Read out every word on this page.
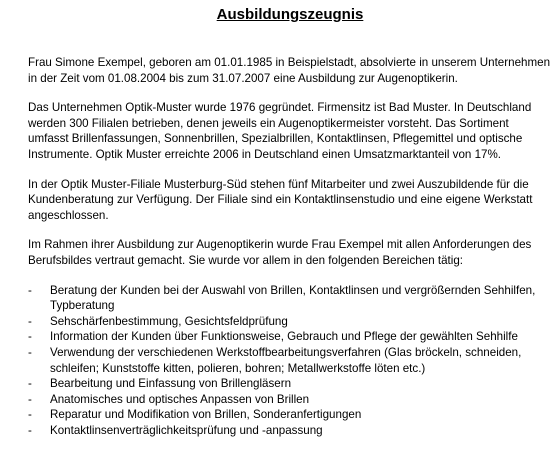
Ausbildungszeugnis

Frau Simone Exempel, geboren am 01.01.1985 in Beispielstadt, absolvierte in unserem Unternehmen in der Zeit vom 01.08.2004 bis zum 31.07.2007 eine Ausbildung zur Augenoptikerin.

Das Unternehmen Optik-Muster wurde 1976 gegründet. Firmensitz ist Bad Muster. In Deutschland werden 300 Filialen betrieben, denen jeweils ein Augenoptikermeister vorsteht. Das Sortiment umfasst Brillenfassungen, Sonnenbrillen, Spezialbrillen, Kontaktlinsen, Pflegemittel und optische Instrumente. Optik Muster erreichte 2006 in Deutschland einen Umsatzmarktanteil von 17%.

In der Optik Muster-Filiale Musterburg-Süd stehen fünf Mitarbeiter und zwei Auszubildende für die Kundenberatung zur Verfügung. Der Filiale sind ein Kontaktlinsenstudio und eine eigene Werkstatt angeschlossen.

Im Rahmen ihrer Ausbildung zur Augenoptikerin wurde Frau Exempel mit allen Anforderungen des Berufsbildes vertraut gemacht. Sie wurde vor allem in den folgenden Bereichen tätig:

- Beratung der Kunden bei der Auswahl von Brillen, Kontaktlinsen und vergrößernden Sehhilfen, Typberatung
- Sehschärfenbestimmung, Gesichtsfeldprüfung
- Information der Kunden über Funktionsweise, Gebrauch und Pflege der gewählten Sehhilfe
- Verwendung der verschiedenen Werkstoffbearbeitungsverfahren (Glas bröckeln, schneiden, schleifen; Kunststoffe kitten, polieren, bohren; Metallwerkstoffe löten etc.)
- Bearbeitung und Einfassung von Brillengläsern
- Anatomisches und optisches Anpassen von Brillen
- Reparatur und Modifikation von Brillen, Sonderanfertigungen
- Kontaktlinsenverträglichkeitsprüfung und -anpassung
